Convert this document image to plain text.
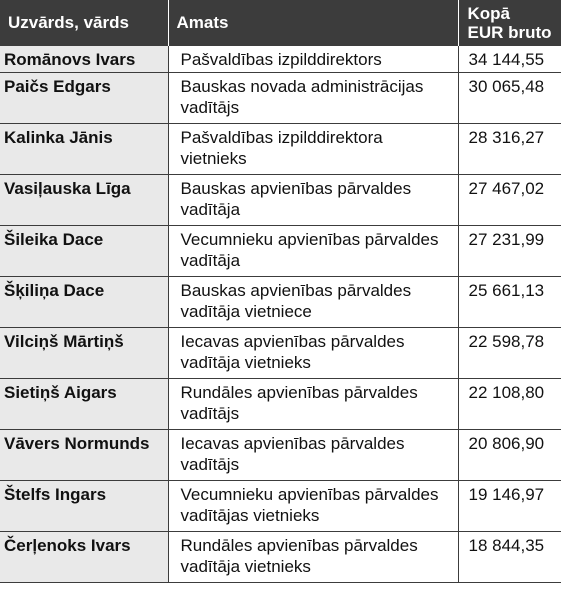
Uzvārds, vārds	Amats	Kopā
EUR bruto
Romānovs Ivars	Pašvaldības izpilddirektors	34 144,55
Paičs Edgars	Bauskas novada administrācijas vadītājs	30 065,48
Kalinka Jānis	Pašvaldības izpilddirektora vietnieks	28 316,27
Vasiļauska Līga	Bauskas apvienības pārvaldes vadītāja	27 467,02
Šileika Dace	Vecumnieku apvienības pārvaldes vadītāja	27 231,99
Šķiliņa Dace	Bauskas apvienības pārvaldes vadītāja vietniece	25 661,13
Vilciņš Mārtiņš	Iecavas apvienības pārvaldes vadītāja vietnieks	22 598,78
Sietiņš Aigars	Rundāles apvienības pārvaldes vadītājs	22 108,80
Vāvers Normunds	Iecavas apvienības pārvaldes vadītājs	20 806,90
Štelfs Ingars	Vecumnieku apvienības pārvaldes vadītājas vietnieks	19 146,97
Čerļenoks Ivars	Rundāles apvienības pārvaldes vadītāja vietnieks	18 844,35
